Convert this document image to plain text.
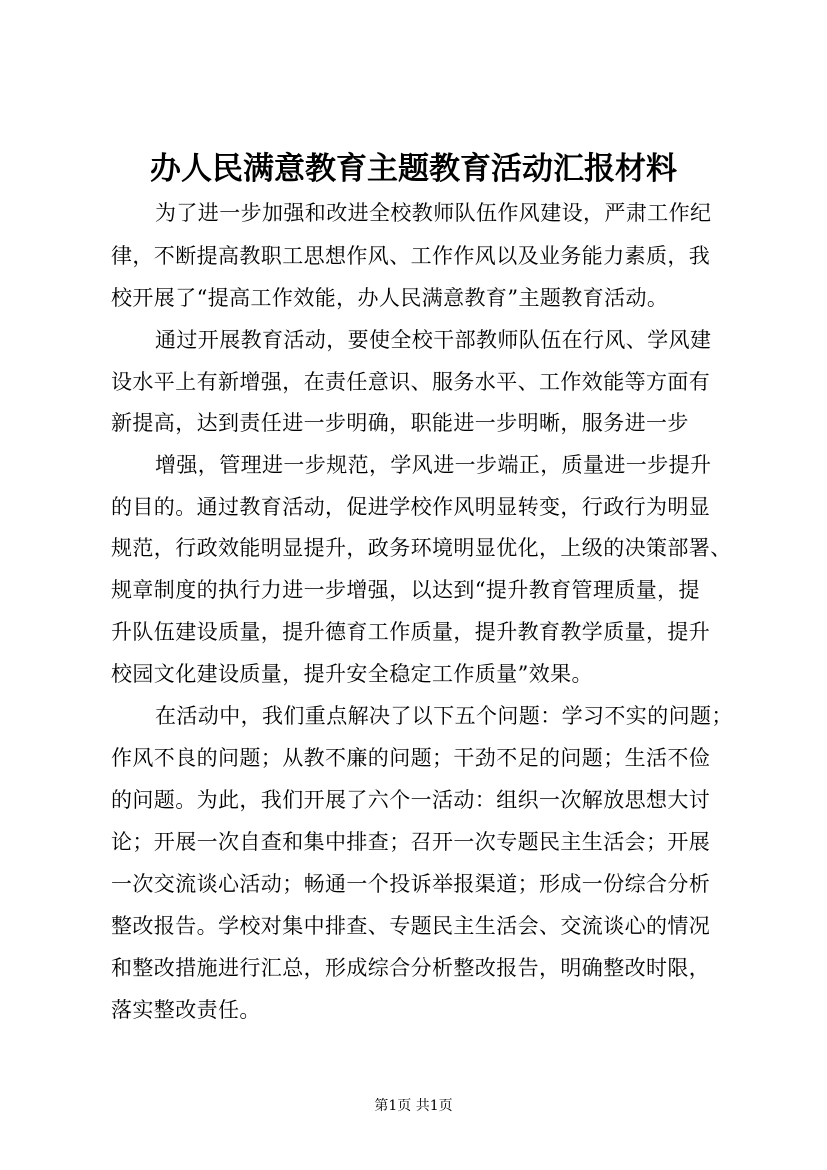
办人民满意教育主题教育活动汇报材料
为了进一步加强和改进全校教师队伍作风建设，严肃工作纪
律，不断提高教职工思想作风、工作作风以及业务能力素质，我
校开展了“提高工作效能，办人民满意教育”主题教育活动。
通过开展教育活动，要使全校干部教师队伍在行风、学风建
设水平上有新增强，在责任意识、服务水平、工作效能等方面有
新提高，达到责任进一步明确，职能进一步明晰，服务进一步
增强，管理进一步规范，学风进一步端正，质量进一步提升
的目的。通过教育活动，促进学校作风明显转变，行政行为明显
规范，行政效能明显提升，政务环境明显优化，上级的决策部署、
规章制度的执行力进一步增强，以达到“提升教育管理质量，提
升队伍建设质量，提升德育工作质量，提升教育教学质量，提升
校园文化建设质量，提升安全稳定工作质量”效果。
在活动中，我们重点解决了以下五个问题：学习不实的问题；
作风不良的问题；从教不廉的问题；干劲不足的问题；生活不俭
的问题。为此，我们开展了六个一活动：组织一次解放思想大讨
论；开展一次自查和集中排查；召开一次专题民主生活会；开展
一次交流谈心活动；畅通一个投诉举报渠道；形成一份综合分析
整改报告。学校对集中排查、专题民主生活会、交流谈心的情况
和整改措施进行汇总，形成综合分析整改报告，明确整改时限，
落实整改责任。
第1页 共1页
